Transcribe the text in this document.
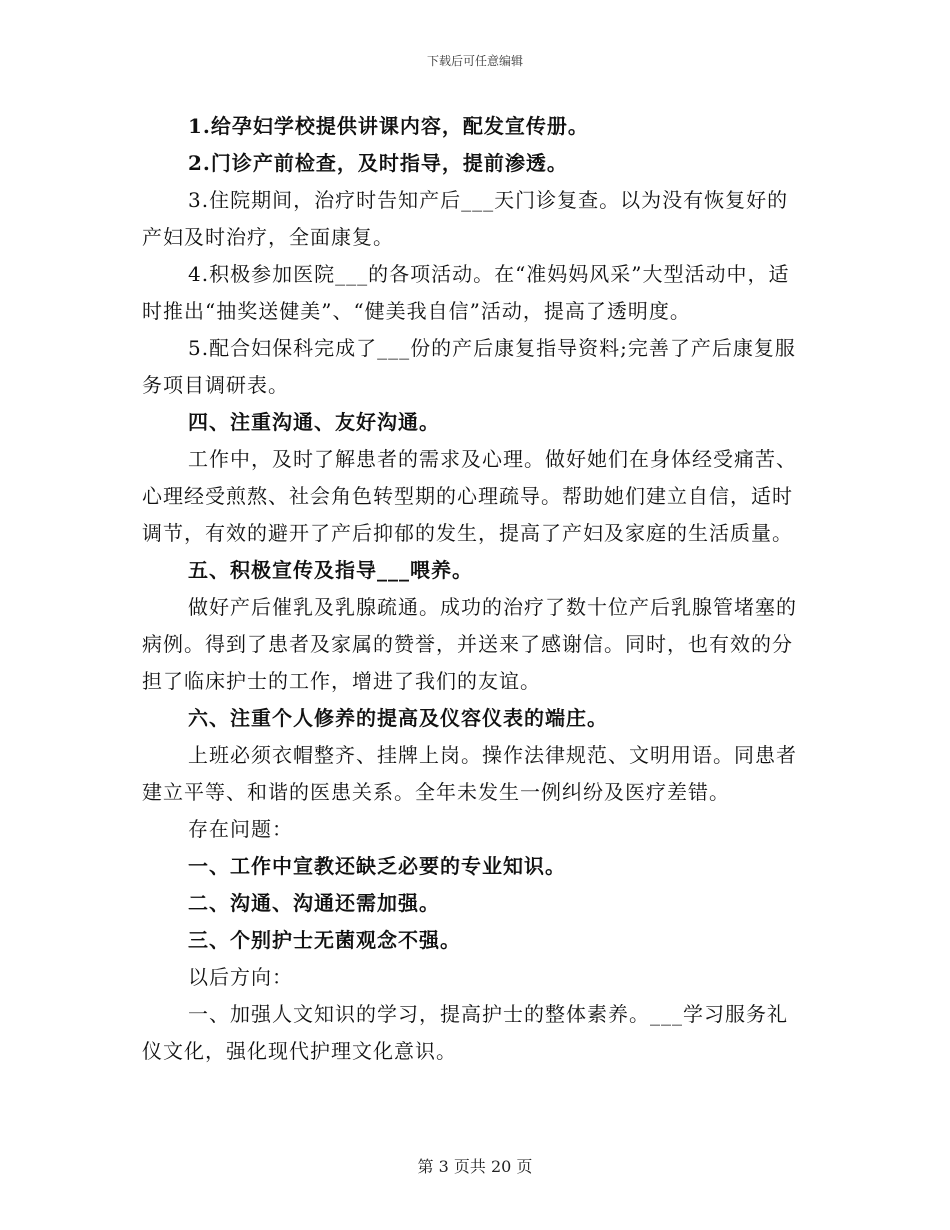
下载后可任意编辑

1.给孕妇学校提供讲课内容，配发宣传册。

2.门诊产前检查，及时指导，提前渗透。

3.住院期间，治疗时告知产后___天门诊复查。以为没有恢复好的产妇及时治疗，全面康复。

4.积极参加医院___的各项活动。在“准妈妈风采”大型活动中，适时推出“抽奖送健美”、“健美我自信”活动，提高了透明度。

5.配合妇保科完成了___份的产后康复指导资料;完善了产后康复服务项目调研表。

四、注重沟通、友好沟通。

工作中，及时了解患者的需求及心理。做好她们在身体经受痛苦、心理经受煎熬、社会角色转型期的心理疏导。帮助她们建立自信，适时调节，有效的避开了产后抑郁的发生，提高了产妇及家庭的生活质量。

五、积极宣传及指导___喂养。

做好产后催乳及乳腺疏通。成功的治疗了数十位产后乳腺管堵塞的病例。得到了患者及家属的赞誉，并送来了感谢信。同时，也有效的分担了临床护士的工作，增进了我们的友谊。

六、注重个人修养的提高及仪容仪表的端庄。

上班必须衣帽整齐、挂牌上岗。操作法律规范、文明用语。同患者建立平等、和谐的医患关系。全年未发生一例纠纷及医疗差错。

存在问题：

一、工作中宣教还缺乏必要的专业知识。

二、沟通、沟通还需加强。

三、个别护士无菌观念不强。

以后方向：

一、加强人文知识的学习，提高护士的整体素养。___学习服务礼仪文化，强化现代护理文化意识。

第 3 页共 20 页
